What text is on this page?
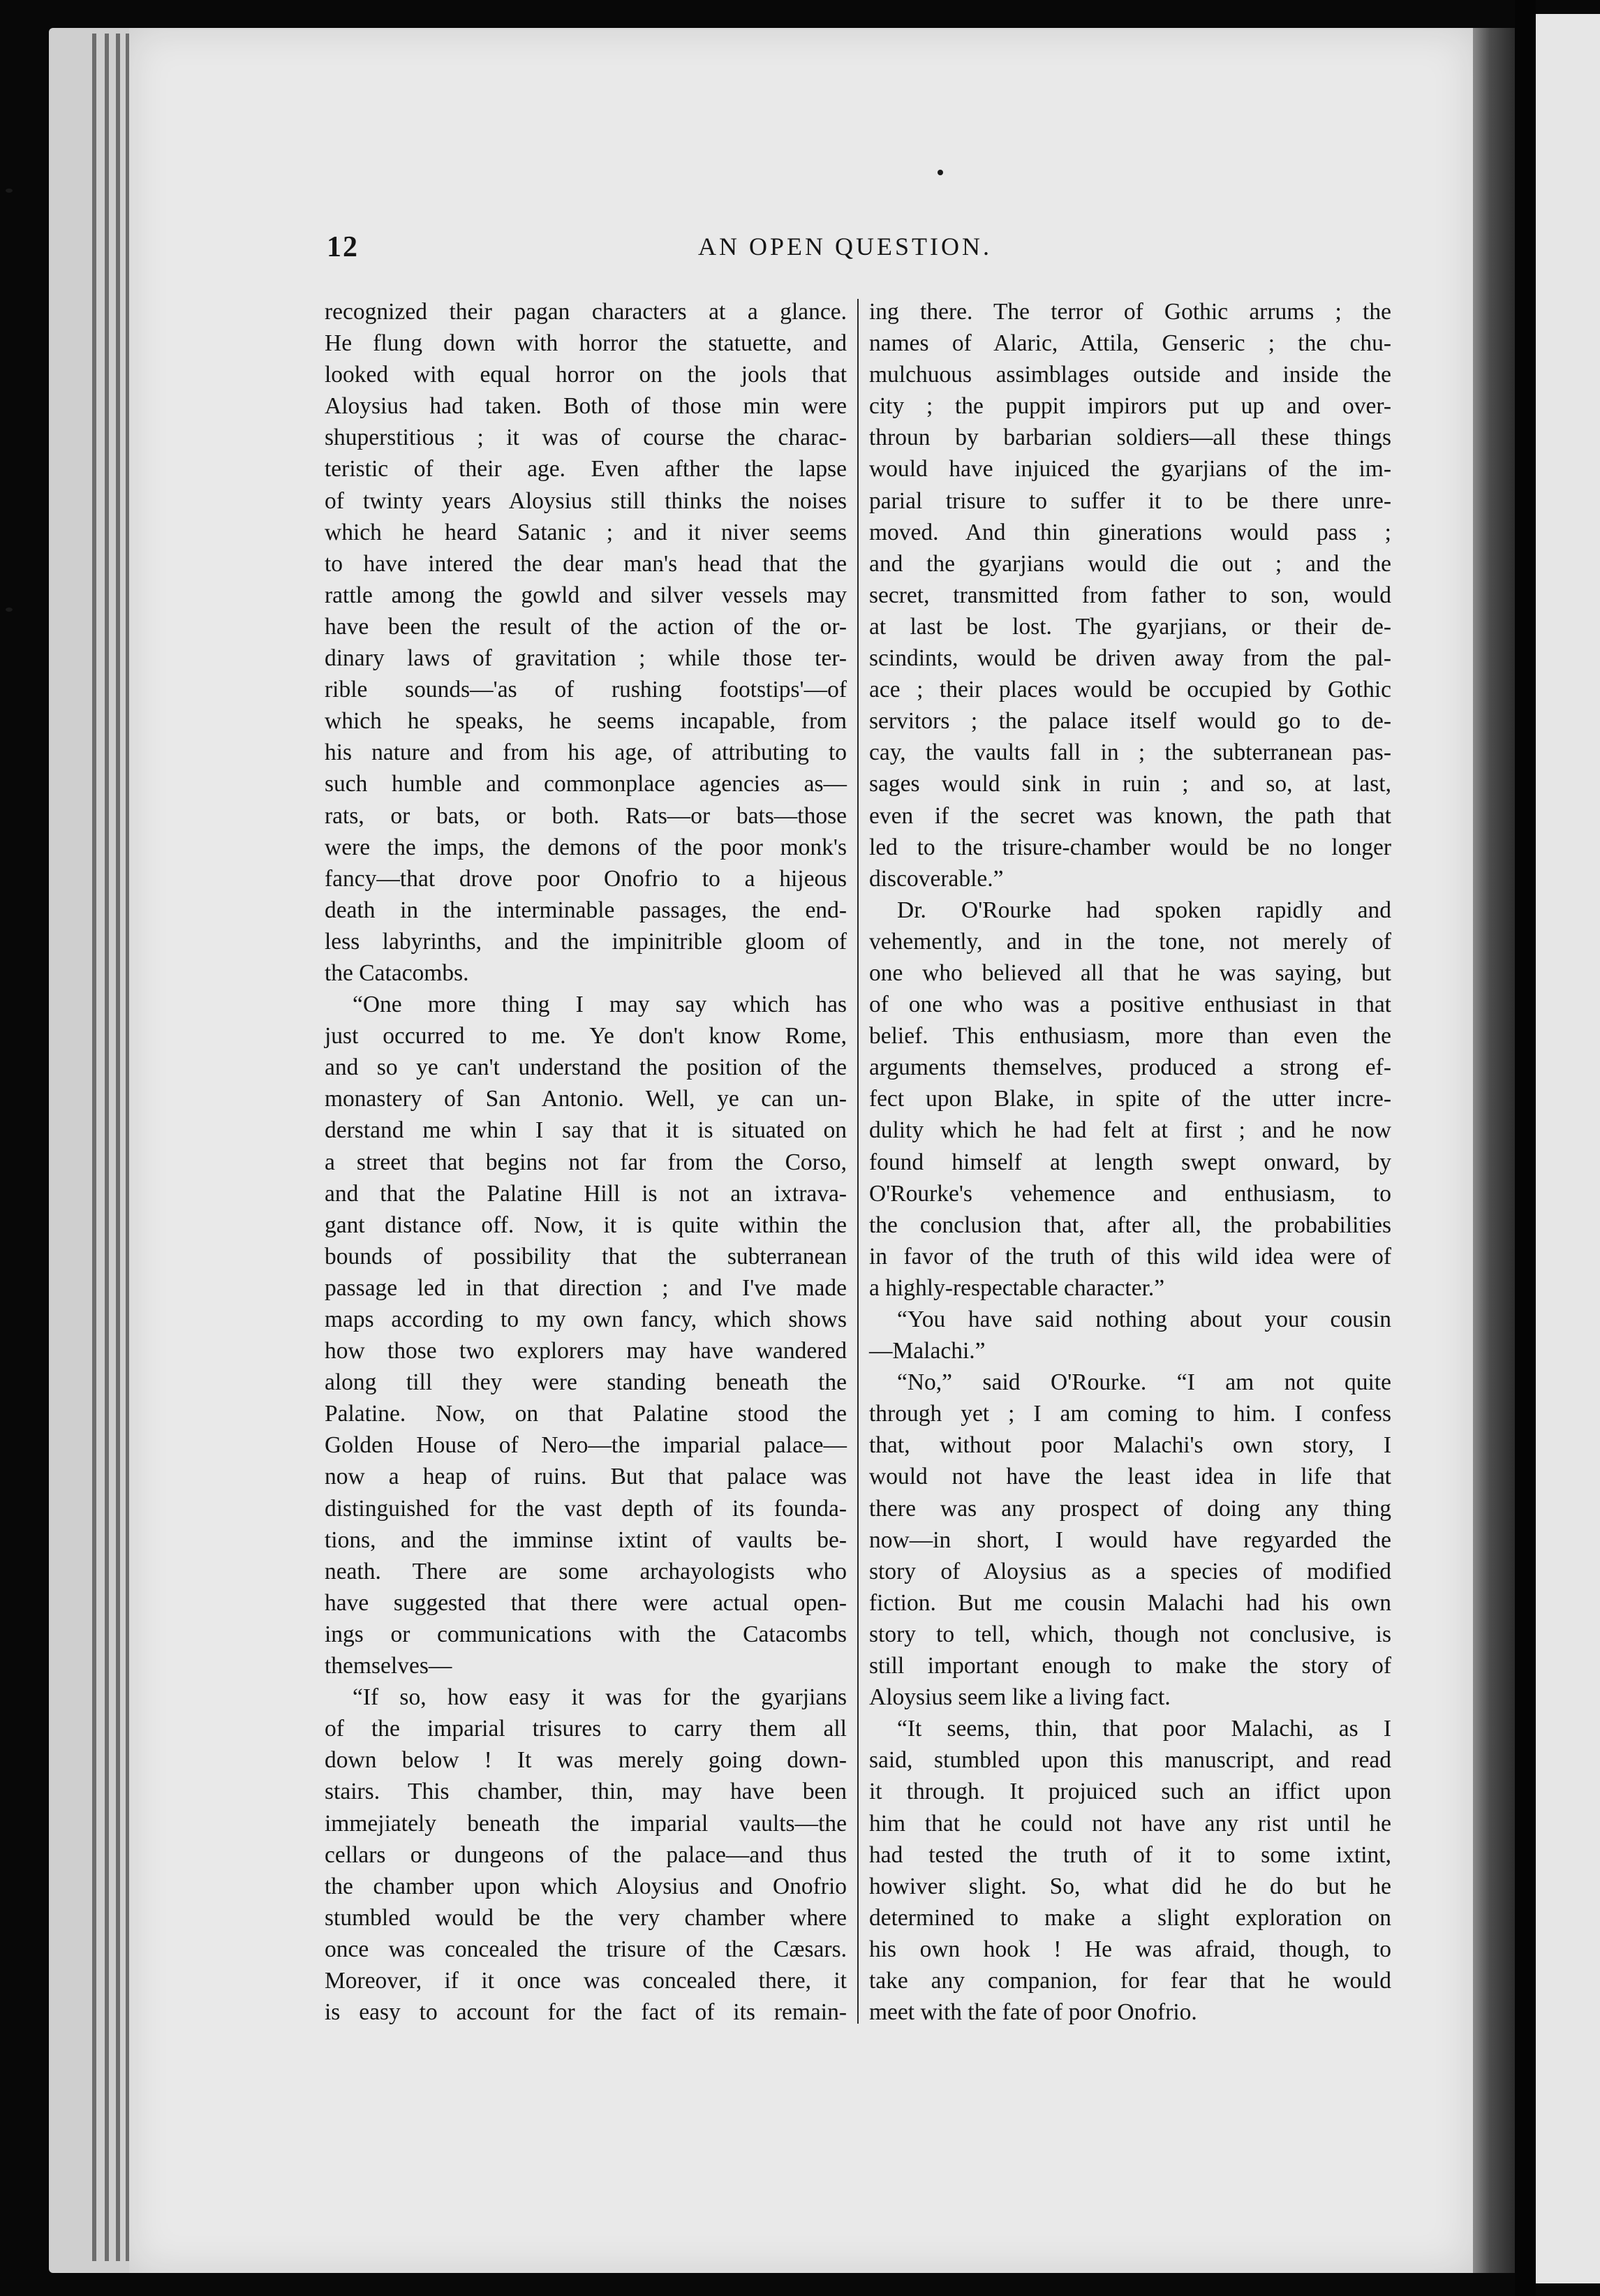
12	AN OPEN QUESTION.
recognized their pagan characters at a glance.
He flung down with horror the statuette, and
looked with equal horror on the jools that
Aloysius had taken. Both of those min were
shuperstitious ; it was of course the charac-
teristic of their age. Even afther the lapse
of twinty years Aloysius still thinks the noises
which he heard Satanic ; and it niver seems
to have intered the dear man's head that the
rattle among the gowld and silver vessels may
have been the result of the action of the or-
dinary laws of gravitation ; while those ter-
rible sounds—'as of rushing footstips'—of
which he speaks, he seems incapable, from
his nature and from his age, of attributing to
such humble and commonplace agencies as—
rats, or bats, or both. Rats—or bats—those
were the imps, the demons of the poor monk's
fancy—that drove poor Onofrio to a hijeous
death in the interminable passages, the end-
less labyrinths, and the impinitrible gloom of
the Catacombs.
“One more thing I may say which has
just occurred to me. Ye don't know Rome,
and so ye can't understand the position of the
monastery of San Antonio. Well, ye can un-
derstand me whin I say that it is situated on
a street that begins not far from the Corso,
and that the Palatine Hill is not an ixtrava-
gant distance off. Now, it is quite within the
bounds of possibility that the subterranean
passage led in that direction ; and I've made
maps according to my own fancy, which shows
how those two explorers may have wandered
along till they were standing beneath the
Palatine. Now, on that Palatine stood the
Golden House of Nero—the imparial palace—
now a heap of ruins. But that palace was
distinguished for the vast depth of its founda-
tions, and the imminse ixtint of vaults be-
neath. There are some archayologists who
have suggested that there were actual open-
ings or communications with the Catacombs
themselves—
“If so, how easy it was for the gyarjians
of the imparial trisures to carry them all
down below ! It was merely going down-
stairs. This chamber, thin, may have been
immejiately beneath the imparial vaults—the
cellars or dungeons of the palace—and thus
the chamber upon which Aloysius and Onofrio
stumbled would be the very chamber where
once was concealed the trisure of the Cæsars.
Moreover, if it once was concealed there, it
is easy to account for the fact of its remain-
ing there. The terror of Gothic arrums ; the
names of Alaric, Attila, Genseric ; the chu-
mulchuous assimblages outside and inside the
city ; the puppit impirors put up and over-
throun by barbarian soldiers—all these things
would have injuiced the gyarjians of the im-
parial trisure to suffer it to be there unre-
moved. And thin ginerations would pass ;
and the gyarjians would die out ; and the
secret, transmitted from father to son, would
at last be lost. The gyarjians, or their de-
scindints, would be driven away from the pal-
ace ; their places would be occupied by Gothic
servitors ; the palace itself would go to de-
cay, the vaults fall in ; the subterranean pas-
sages would sink in ruin ; and so, at last,
even if the secret was known, the path that
led to the trisure-chamber would be no longer
discoverable.”
Dr. O'Rourke had spoken rapidly and
vehemently, and in the tone, not merely of
one who believed all that he was saying, but
of one who was a positive enthusiast in that
belief. This enthusiasm, more than even the
arguments themselves, produced a strong ef-
fect upon Blake, in spite of the utter incre-
dulity which he had felt at first ; and he now
found himself at length swept onward, by
O'Rourke's vehemence and enthusiasm, to
the conclusion that, after all, the probabilities
in favor of the truth of this wild idea were of
a highly-respectable character.”
“You have said nothing about your cousin
—Malachi.”
“No,” said O'Rourke. “I am not quite
through yet ; I am coming to him. I confess
that, without poor Malachi's own story, I
would not have the least idea in life that
there was any prospect of doing any thing
now—in short, I would have regyarded the
story of Aloysius as a species of modified
fiction. But me cousin Malachi had his own
story to tell, which, though not conclusive, is
still important enough to make the story of
Aloysius seem like a living fact.
“It seems, thin, that poor Malachi, as I
said, stumbled upon this manuscript, and read
it through. It projuiced such an iffict upon
him that he could not have any rist until he
had tested the truth of it to some ixtint,
howiver slight. So, what did he do but he
determined to make a slight exploration on
his own hook ! He was afraid, though, to
take any companion, for fear that he would
meet with the fate of poor Onofrio.
